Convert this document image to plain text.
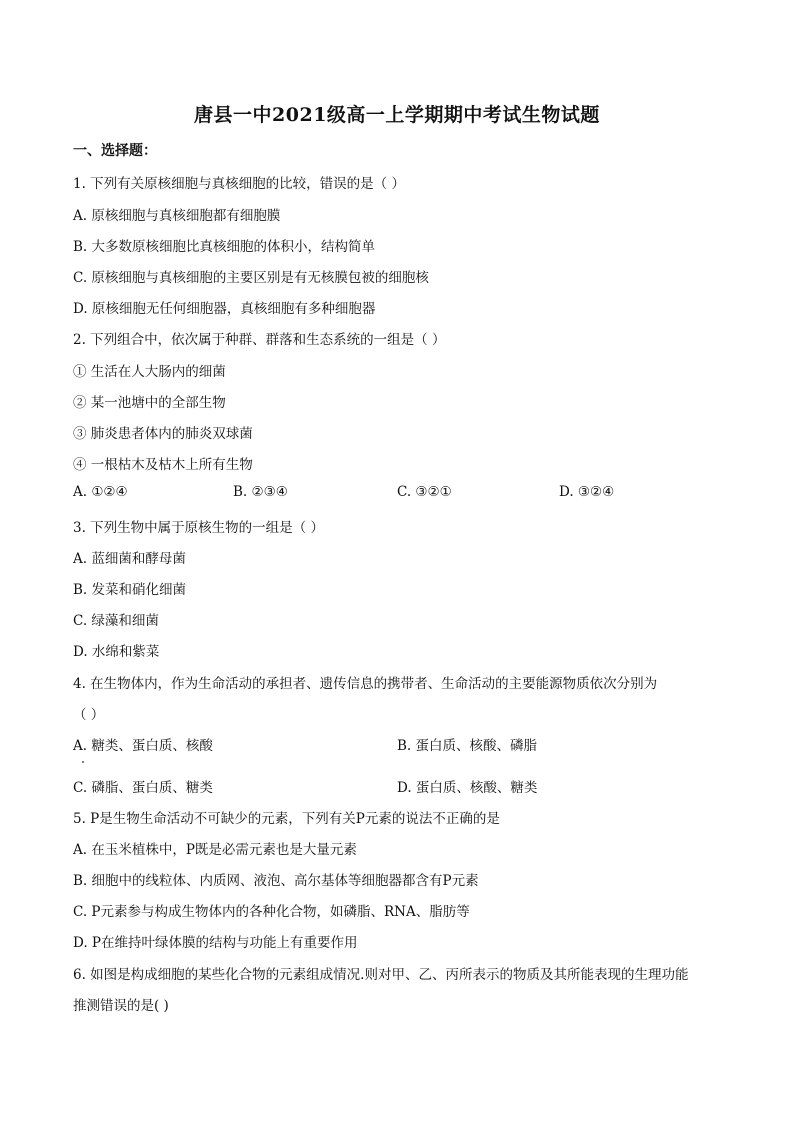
唐县一中2021级高一上学期期中考试生物试题
一、选择题：
1. 下列有关原核细胞与真核细胞的比较，错误的是（ ）
A. 原核细胞与真核细胞都有细胞膜
B. 大多数原核细胞比真核细胞的体积小，结构简单
C. 原核细胞与真核细胞的主要区别是有无核膜包被的细胞核
D. 原核细胞无任何细胞器，真核细胞有多种细胞器
2. 下列组合中，依次属于种群、群落和生态系统的一组是（ ）
① 生活在人大肠内的细菌
② 某一池塘中的全部生物
③ 肺炎患者体内的肺炎双球菌
④ 一根枯木及枯木上所有生物
A. ①②④	B. ②③④	C. ③②①	D. ③②④
3. 下列生物中属于原核生物的一组是（ ）
A. 蓝细菌和酵母菌
B. 发菜和硝化细菌
C. 绿藻和细菌
D. 水绵和紫菜
4. 在生物体内，作为生命活动的承担者、遗传信息的携带者、生命活动的主要能源物质依次分别为
（ ）
A. 糖类、蛋白质、核酸	B. 蛋白质、核酸、磷脂
C. 磷脂、蛋白质、糖类	D. 蛋白质、核酸、糖类
5. P是生物生命活动不可缺少的元素，下列有关P元素的说法不正确的是
A. 在玉米植株中，P既是必需元素也是大量元素
B. 细胞中的线粒体、内质网、液泡、高尔基体等细胞器都含有P元素
C. P元素参与构成生物体内的各种化合物，如磷脂、RNA、脂肪等
D. P在维持叶绿体膜的结构与功能上有重要作用
6. 如图是构成细胞的某些化合物的元素组成情况.则对甲、乙、丙所表示的物质及其所能表现的生理功能
推测错误的是( )
